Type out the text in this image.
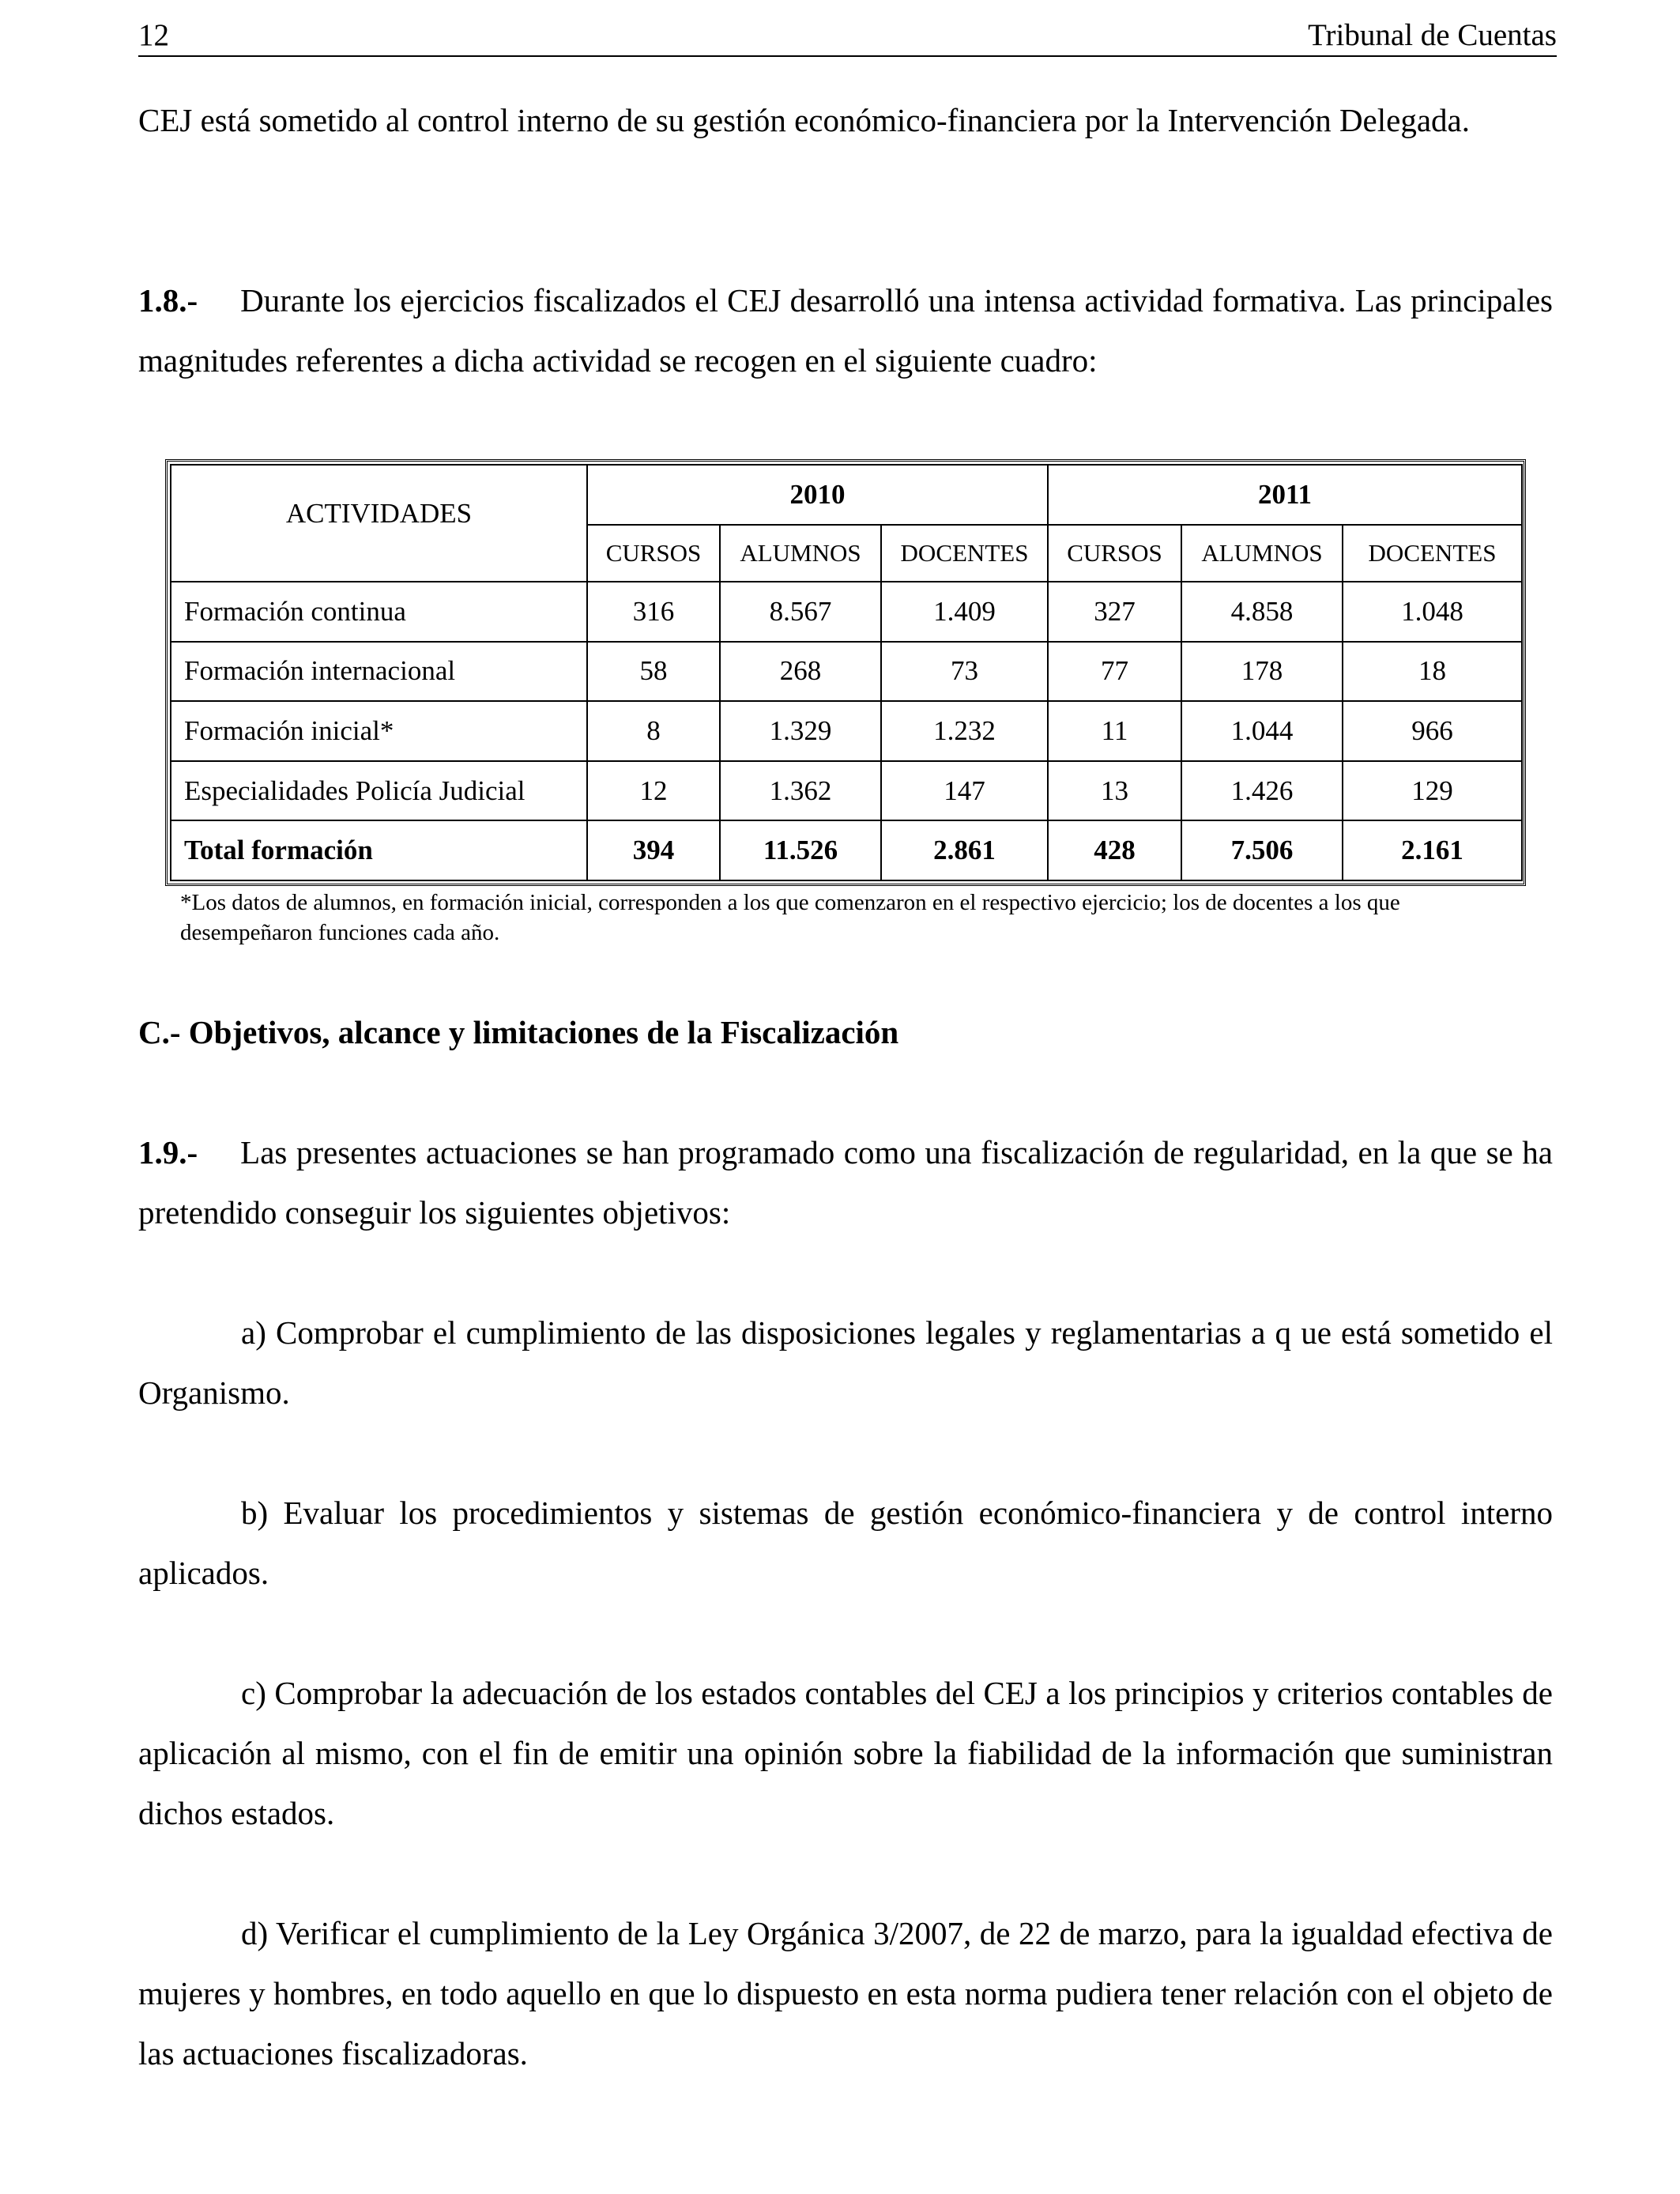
12	Tribunal de Cuentas

CEJ está sometido al control interno de su gestión económico-financiera por la Intervención Delegada.

1.8.- Durante los ejercicios fiscalizados el CEJ desarrolló una intensa actividad formativa. Las principales magnitudes referentes a dicha actividad se recogen en el siguiente cuadro:

ACTIVIDADES	2010			2011		
	CURSOS	ALUMNOS	DOCENTES	CURSOS	ALUMNOS	DOCENTES
Formación continua	316	8.567	1.409	327	4.858	1.048
Formación internacional	58	268	73	77	178	18
Formación inicial*	8	1.329	1.232	11	1.044	966
Especialidades Policía Judicial	12	1.362	147	13	1.426	129
Total formación	394	11.526	2.861	428	7.506	2.161

*Los datos de alumnos, en formación inicial, corresponden a los que comenzaron en el respectivo ejercicio; los de docentes a los que desempeñaron funciones cada año.

C.- Objetivos, alcance y limitaciones de la Fiscalización

1.9.- Las presentes actuaciones se han programado como una fiscalización de regularidad, en la que se ha pretendido conseguir los siguientes objetivos:

a) Comprobar el cumplimiento de las disposiciones legales y reglamentarias a q ue está sometido el Organismo.

b) Evaluar los procedimientos y sistemas de gestión económico-financiera y de control interno aplicados.

c) Comprobar la adecuación de los estados contables del CEJ a los principios y criterios contables de aplicación al mismo, con el fin de emitir una opinión sobre la fiabilidad de la información que suministran dichos estados.

d) Verificar el cumplimiento de la Ley Orgánica 3/2007, de 22 de marzo, para la igualdad efectiva de mujeres y hombres, en todo aquello en que lo dispuesto en esta norma pudiera tener relación con el objeto de las actuaciones fiscalizadoras.
